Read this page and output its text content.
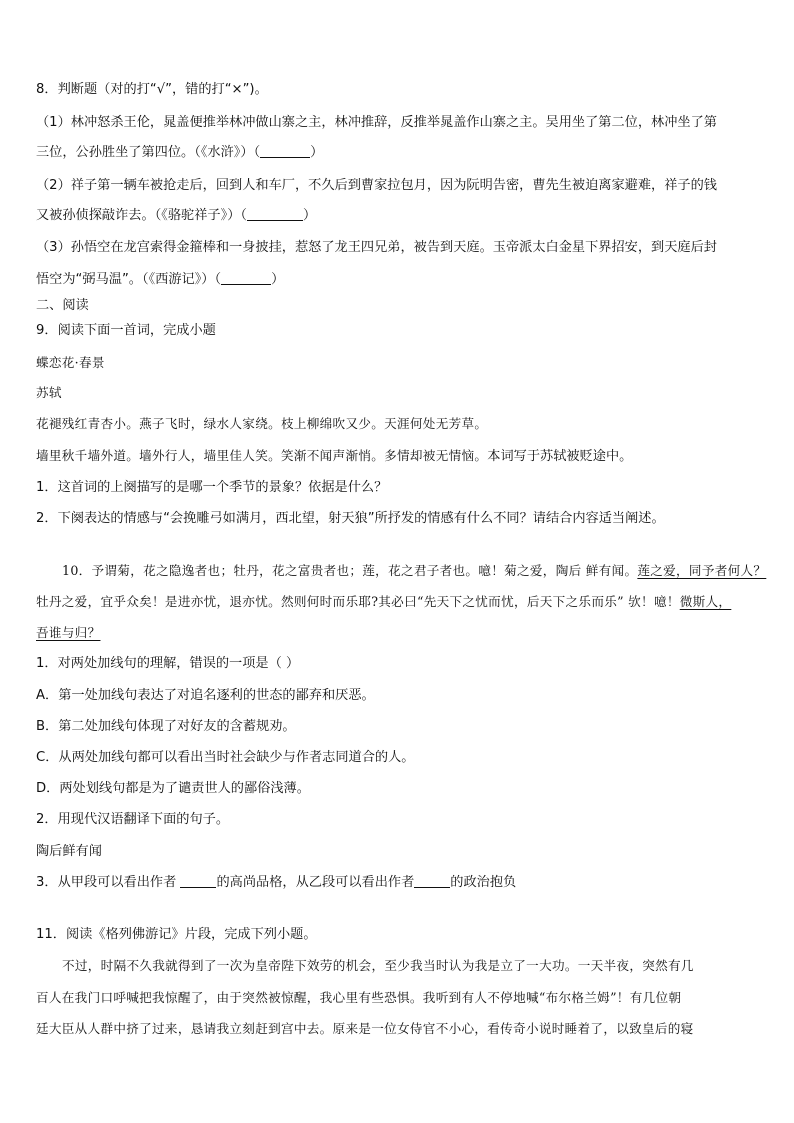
8．判断题（对的打“√”，错的打“×”)。
（1）林冲怒杀王伦，晁盖便推举林冲做山寨之主，林冲推辞，反推举晁盖作山寨之主。吴用坐了第二位，林冲坐了第
三位，公孙胜坐了第四位。（《水浒》）（	）
（2）祥子第一辆车被抢走后，回到人和车厂，不久后到曹家拉包月，因为阮明告密，曹先生被迫离家避难，祥子的钱
又被孙侦探敲诈去。（《骆驼祥子》）（	）
（3）孙悟空在龙宫索得金箍棒和一身披挂，惹怒了龙王四兄弟，被告到天庭。玉帝派太白金星下界招安，到天庭后封
悟空为“弼马温”。（《西游记》）（	）
二、阅读
9．阅读下面一首词，完成小题
蝶恋花·春景
苏轼
花褪残红青杏小。燕子飞时，绿水人家绕。枝上柳绵吹又少。天涯何处无芳草。
墙里秋千墙外道。墙外行人，墙里佳人笑。笑渐不闻声渐悄。多情却被无情恼。本词写于苏轼被贬途中。
1．这首词的上阕描写的是哪一个季节的景象？依据是什么？
2．下阕表达的情感与“会挽雕弓如满月，西北望，射天狼”所抒发的情感有什么不同？请结合内容适当阐述。
10．予谓菊，花之隐逸者也；牡丹，花之富贵者也；莲，花之君子者也。噫！菊之爱，陶后 鲜有闻。莲之爱，同予者何人？
牡丹之爱，宜乎众矣！是进亦忧，退亦忧。然则何时而乐耶?其必曰“先天下之忧而忧，后天下之乐而乐” 欤！噫！微斯人，
吾谁与归？
1．对两处加线句的理解，错误的一项是（ ）
A．第一处加线句表达了对追名逐利的世态的鄙弃和厌恶。
B．第二处加线句体现了对好友的含蓄规劝。
C．从两处加线句都可以看出当时社会缺少与作者志同道合的人。
D．两处划线句都是为了谴责世人的鄙俗浅薄。
2．用现代汉语翻译下面的句子。
陶后鲜有闻
3．从甲段可以看出作者	的高尚品格，从乙段可以看出作者	的政治抱负
11．阅读《格列佛游记》片段，完成下列小题。
不过，时隔不久我就得到了一次为皇帝陛下效劳的机会，至少我当时认为我是立了一大功。一天半夜，突然有几
百人在我门口呼喊把我惊醒了，由于突然被惊醒，我心里有些恐惧。我听到有人不停地喊“布尔格兰姆”！有几位朝
廷大臣从人群中挤了过来，恳请我立刻赶到宫中去。原来是一位女侍官不小心，看传奇小说时睡着了，以致皇后的寝
